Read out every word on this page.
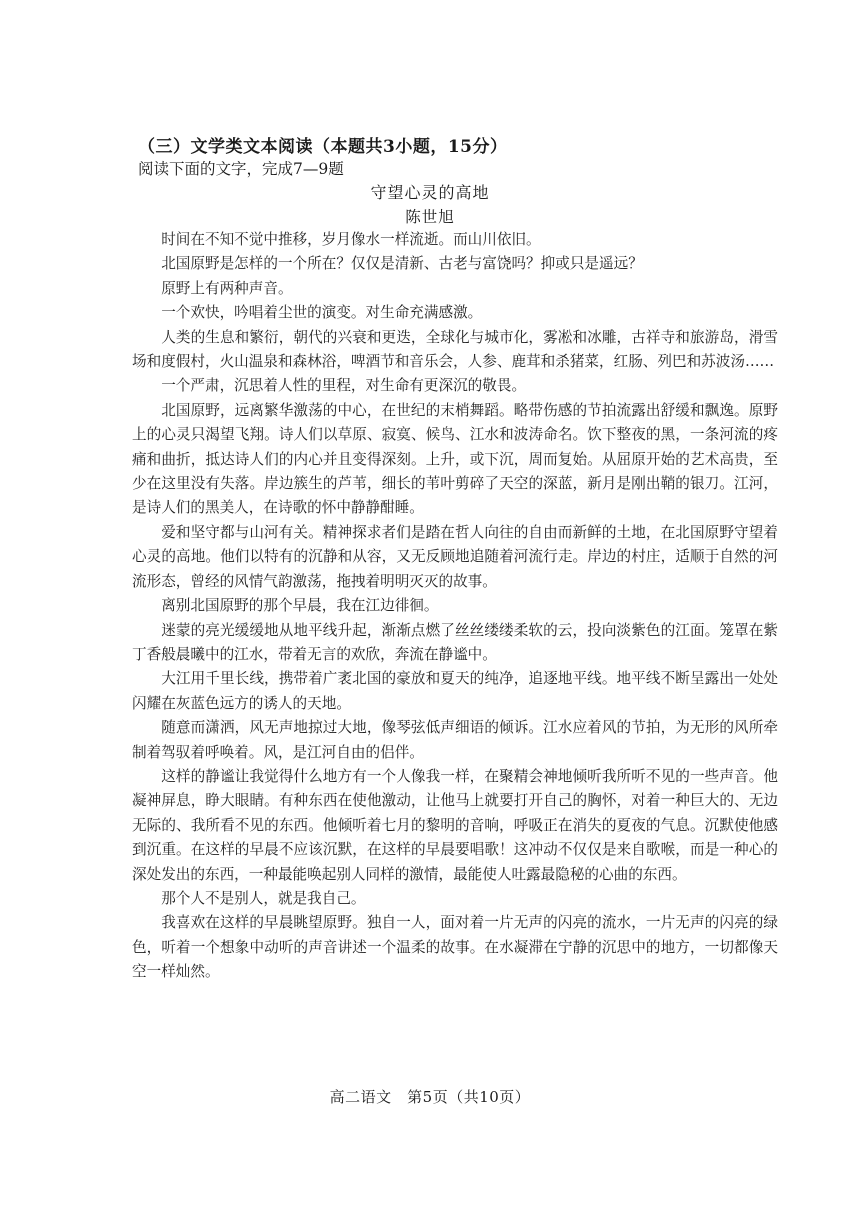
（三）文学类文本阅读（本题共3小题，15分）
阅读下面的文字，完成7—9题
守望心灵的高地
陈世旭

时间在不知不觉中推移，岁月像水一样流逝。而山川依旧。

北国原野是怎样的一个所在？仅仅是清新、古老与富饶吗？抑或只是遥远？

原野上有两种声音。

一个欢快，吟唱着尘世的演变。对生命充满感激。

人类的生息和繁衍，朝代的兴衰和更迭，全球化与城市化，雾凇和冰雕，古祥寺和旅游岛，滑雪场和度假村，火山温泉和森林浴，啤酒节和音乐会，人参、鹿茸和杀猪菜，红肠、列巴和苏波汤……

一个严肃，沉思着人性的里程，对生命有更深沉的敬畏。

北国原野，远离繁华激荡的中心，在世纪的末梢舞蹈。略带伤感的节拍流露出舒缓和飘逸。原野上的心灵只渴望飞翔。诗人们以草原、寂寞、候鸟、江水和波涛命名。饮下整夜的黑，一条河流的疼痛和曲折，抵达诗人们的内心并且变得深刻。上升，或下沉，周而复始。从屈原开始的艺术高贵，至少在这里没有失落。岸边簇生的芦苇，细长的苇叶剪碎了天空的深蓝，新月是刚出鞘的银刀。江河，是诗人们的黑美人，在诗歌的怀中静静酣睡。

爱和坚守都与山河有关。精神探求者们是踏在哲人向往的自由而新鲜的土地，在北国原野守望着心灵的高地。他们以特有的沉静和从容，又无反顾地追随着河流行走。岸边的村庄，适顺于自然的河流形态，曾经的风情气韵激荡，拖拽着明明灭灭的故事。

离别北国原野的那个早晨，我在江边徘徊。

迷蒙的亮光缓缓地从地平线升起，渐渐点燃了丝丝缕缕柔软的云，投向淡紫色的江面。笼罩在紫丁香般晨曦中的江水，带着无言的欢欣，奔流在静谧中。

大江用千里长线，携带着广袤北国的豪放和夏天的纯净，追逐地平线。地平线不断呈露出一处处闪耀在灰蓝色远方的诱人的天地。

随意而潇洒，风无声地掠过大地，像琴弦低声细语的倾诉。江水应着风的节拍，为无形的风所牵制着驾驭着呼唤着。风，是江河自由的侣伴。

这样的静谧让我觉得什么地方有一个人像我一样，在聚精会神地倾听我所听不见的一些声音。他凝神屏息，睁大眼睛。有种东西在使他激动，让他马上就要打开自己的胸怀，对着一种巨大的、无边无际的、我所看不见的东西。他倾听着七月的黎明的音响，呼吸正在消失的夏夜的气息。沉默使他感到沉重。在这样的早晨不应该沉默，在这样的早晨要唱歌！这冲动不仅仅是来自歌喉，而是一种心的深处发出的东西，一种最能唤起别人同样的激情，最能使人吐露最隐秘的心曲的东西。

那个人不是别人，就是我自己。

我喜欢在这样的早晨眺望原野。独自一人，面对着一片无声的闪亮的流水，一片无声的闪亮的绿色，听着一个想象中动听的声音讲述一个温柔的故事。在水凝滞在宁静的沉思中的地方，一切都像天空一样灿然。

高二语文　第5页（共10页）
